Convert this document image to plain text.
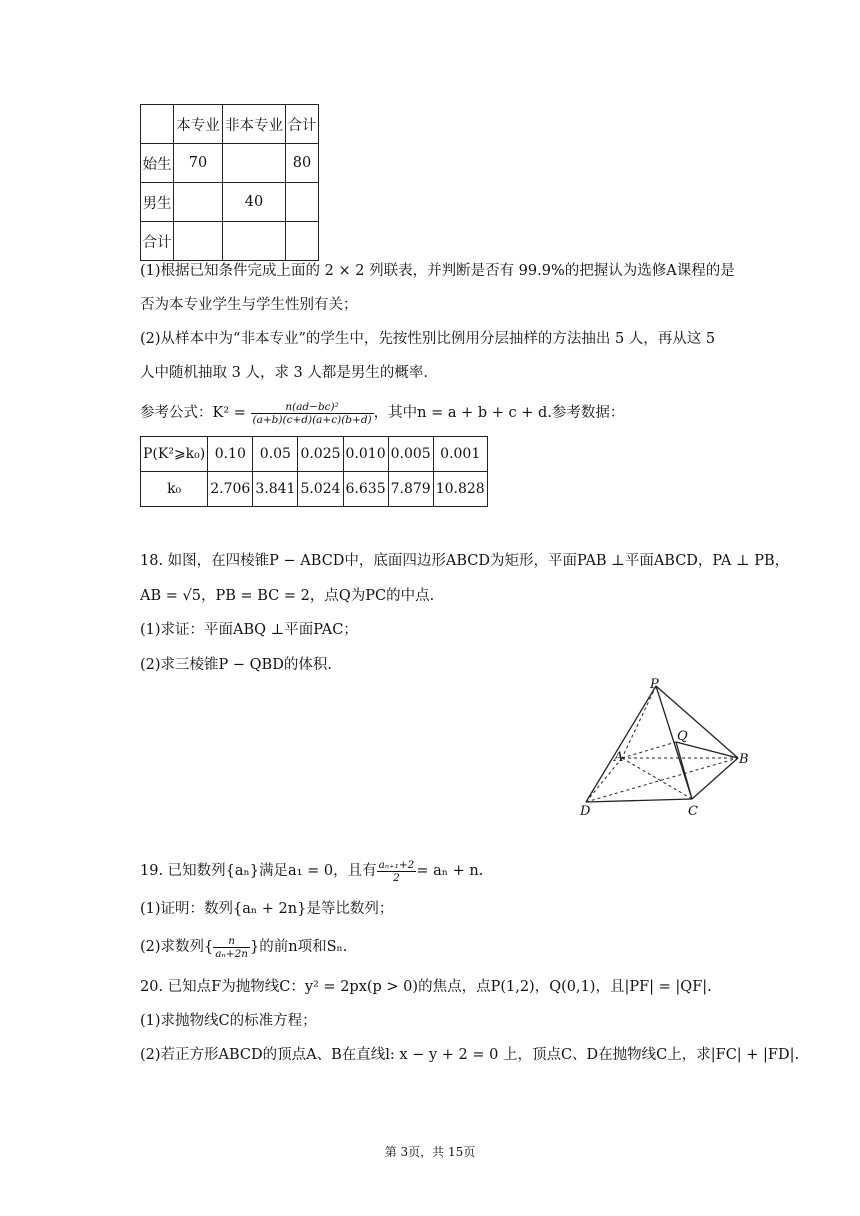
	本专业	非本专业	合计
始生	70		80
男生		40	
合计			
(1)根据已知条件完成上面的 2 × 2 列联表，并判断是否有 99.9%的把握认为选修A课程的是
否为本专业学生与学生性别有关；
(2)从样本中为“非本专业”的学生中，先按性别比例用分层抽样的方法抽出 5 人，再从这 5
人中随机抽取 3 人，求 3 人都是男生的概率.
参考公式：$K^2 = \frac{\text{n(ad−bc)²}}{(a+b)(c+d)(a+c)(b+d)}$ ，其中n = a + b + c + d.参考数据：
P(K²⩾k₀)	0.10	0.05	0.025	0.010	0.005	0.001
k₀	2.706	3.841	5.024	6.635	7.879	10.828
18. 如图，在四棱锥P − ABCD中，底面四边形ABCD为矩形，平面PAB ⊥平面ABCD，PA ⊥ PB，
AB = √5，PB = BC = 2，点Q为PC的中点.
(1)求证：平面ABQ ⊥平面PAC；
(2)求三棱锥P − QBD的体积.
P
Q
A	B
C
D
19. 已知数列{aₙ}满足a₁ = 0，且有 $\frac{\text{aₙ₊₁+2}}{2} = a_n + n$.
(1)证明：数列{aₙ + 2n}是等比数列；
(2)求数列{ $\frac{n}{\text{aₙ+2n}}$ }的前n项和Sₙ.
20. 已知点F为抛物线C：y² = 2px(p > 0)的焦点，点P(1,2)，Q(0,1)，且|PF| = |QF|.
(1)求抛物线C的标准方程；
(2)若正方形ABCD的顶点A、B在直线l: x − y + 2 = 0 上，顶点C、D在抛物线C上，求|FC| + |FD|.
第 3页，共 15页
